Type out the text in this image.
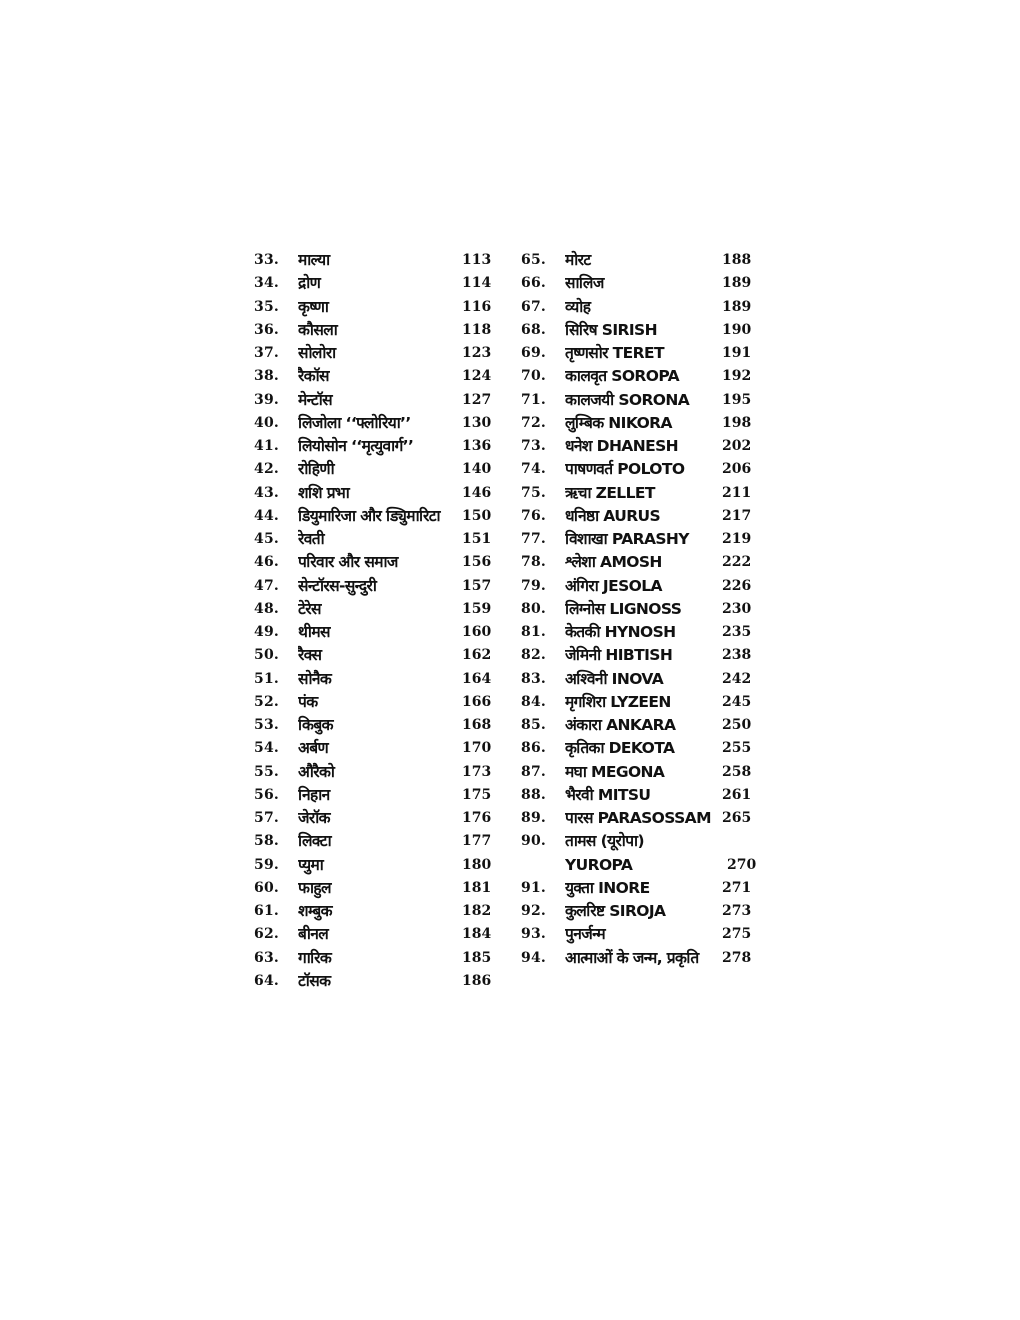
33. माल्या	113
34. द्रोण	114
35. कृष्णा	116
36. कौसला	118
37. सोलोरा	123
38. रैकॉस	124
39. मेन्टॉस	127
40. लिजोला ‘‘फ्लोरिया’’	130
41. लियोसोन ‘‘मृत्युवार्ग’’	136
42. रोहिणी	140
43. शशि प्रभा	146
44. डियुमारिजा और ड्यिुमारिटा	150
45. रेवती	151
46. परिवार और समाज	156
47. सेन्टॉरस-सुन्दुरी	157
48. टेरेस	159
49. थीमस	160
50. रैक्स	162
51. सोनैक	164
52. पंक	166
53. किबुक	168
54. अर्बण	170
55. औरैको	173
56. निहान	175
57. जेरॉक	176
58. लिक्टा	177
59. प्युमा	180
60. फाहुल	181
61. शम्बुक	182
62. बीनल	184
63. गारिक	185
64. टॉसक	186
65. मोरट	188
66. सालिज	189
67. व्योह	189
68. सिरिष SIRISH	190
69. तृष्णसोर TERET	191
70. कालवृत SOROPA	192
71. कालजयी SORONA	195
72. लुम्बिक NIKORA	198
73. धनेश DHANESH	202
74. पाषणवर्त POLOTO	206
75. ऋचा ZELLET	211
76. धनिष्ठा AURUS	217
77. विशाखा PARASHY	219
78. श्लेशा AMOSH	222
79. अंगिरा JESOLA	226
80. लिग्नोस LIGNOSS	230
81. केतकी HYNOSH	235
82. जेमिनी HIBTISH	238
83. अश्विनी INOVA	242
84. मृगशिरा LYZEEN	245
85. अंकारा ANKARA	250
86. कृतिका DEKOTA	255
87. मघा MEGONA	258
88. भैरवी MITSU	261
89. पारस PARASOSSAM 265
90. तामस (यूरोपा)
YUROPA	270
91. युक्ता INORE	271
92. कुलरिष्ट SIROJA	273
93. पुनर्जन्म	275
94. आत्माओं के जन्म, प्रकृति	278
